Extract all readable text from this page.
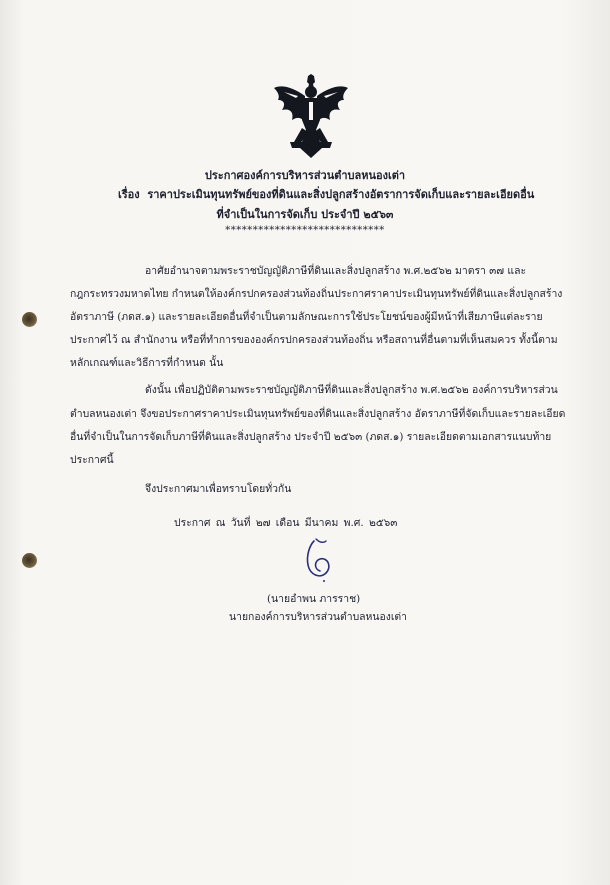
ประกาศองค์การบริหารส่วนตำบลหนองเต่า
เรื่อง ราคาประเมินทุนทรัพย์ของที่ดินและสิ่งปลูกสร้างอัตราการจัดเก็บและรายละเอียดอื่น
ที่จำเป็นในการจัดเก็บ ประจำปี ๒๕๖๓
*****************************
อาศัยอำนาจตามพระราชบัญญัติภาษีที่ดินและสิ่งปลูกสร้าง พ.ศ.๒๕๖๒ มาตรา ๓๗ และ
กฎกระทรวงมหาดไทย กำหนดให้องค์กรปกครองส่วนท้องถิ่นประกาศราคาประเมินทุนทรัพย์ที่ดินและสิ่งปลูกสร้าง
อัตราภาษี (ภดส.๑) และรายละเอียดอื่นที่จำเป็นตามลักษณะการใช้ประโยชน์ของผู้มีหน้าที่เสียภาษีแต่ละราย
ประกาศไว้ ณ สำนักงาน หรือที่ทำการขององค์กรปกครองส่วนท้องถิ่น หรือสถานที่อื่นตามที่เห็นสมควร ทั้งนี้ตาม
หลักเกณฑ์และวิธีการที่กำหนด นั้น
ดังนั้น เพื่อปฏิบัติตามพระราชบัญญัติภาษีที่ดินและสิ่งปลูกสร้าง พ.ศ.๒๕๖๒ องค์การบริหารส่วน
ตำบลหนองเต่า จึงขอประกาศราคาประเมินทุนทรัพย์ของที่ดินและสิ่งปลูกสร้าง อัตราภาษีที่จัดเก็บและรายละเอียด
อื่นที่จำเป็นในการจัดเก็บภาษีที่ดินและสิ่งปลูกสร้าง ประจำปี ๒๕๖๓ (ภดส.๑) รายละเอียดตามเอกสารแนบท้าย
ประกาศนี้
จึงประกาศมาเพื่อทราบโดยทั่วกัน
ประกาศ ณ วันที่ ๒๗ เดือน มีนาคม พ.ศ. ๒๕๖๓
(นายอำพน ภารราช)
นายกองค์การบริหารส่วนตำบลหนองเต่า
